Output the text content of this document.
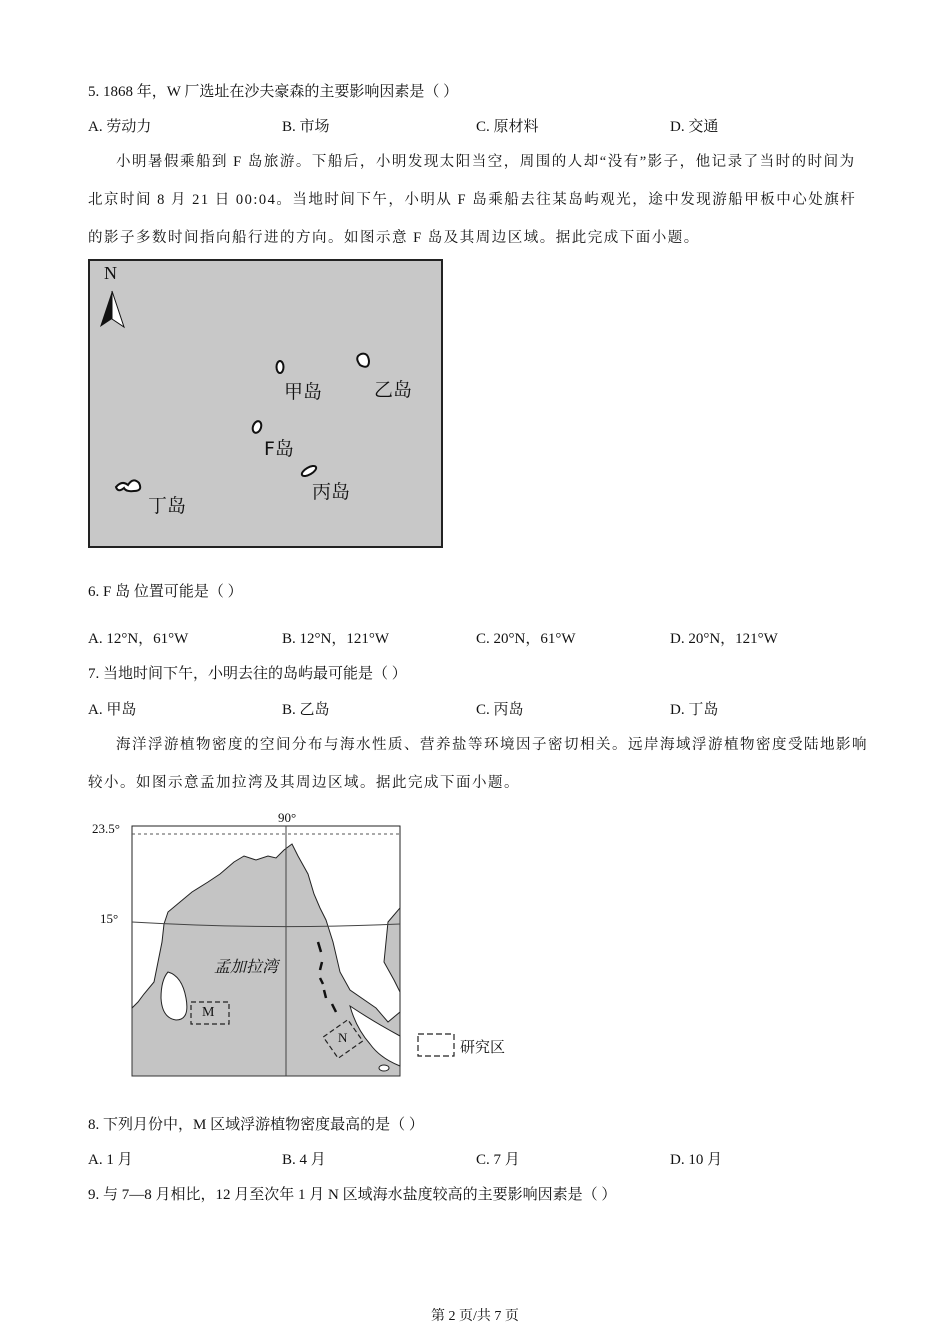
5. 1868 年，W 厂选址在沙夫豪森的主要影响因素是（ ）
A. 劳动力	B. 市场	C. 原材料	D. 交通
小明暑假乘船到 F 岛旅游。下船后，小明发现太阳当空，周围的人却“没有”影子，他记录了当时的时间为北京时间 8 月 21 日 00:04。当地时间下午，小明从 F 岛乘船去往某岛屿观光，途中发现游船甲板中心处旗杆的影子多数时间指向船行进的方向。如图示意 F 岛及其周边区域。据此完成下面小题。
N
甲岛	乙岛
F岛
丙岛
丁岛
6. F 岛 位置可能是（ ）
A. 12°N，61°W	B. 12°N，121°W	C. 20°N，61°W	D. 20°N，121°W
7. 当地时间下午，小明去往的岛屿最可能是（ ）
A. 甲岛	B. 乙岛	C. 丙岛	D. 丁岛
海洋浮游植物密度的空间分布与海水性质、营养盐等环境因子密切相关。远岸海域浮游植物密度受陆地影响较小。如图示意孟加拉湾及其周边区域。据此完成下面小题。
90°
23.5°
15°
孟加拉湾
M
N
研究区
8. 下列月份中，M 区域浮游植物密度最高的是（ ）
A. 1 月	B. 4 月	C. 7 月	D. 10 月
9. 与 7—8 月相比，12 月至次年 1 月 N 区域海水盐度较高的主要影响因素是（ ）
第 2 页/共 7 页
